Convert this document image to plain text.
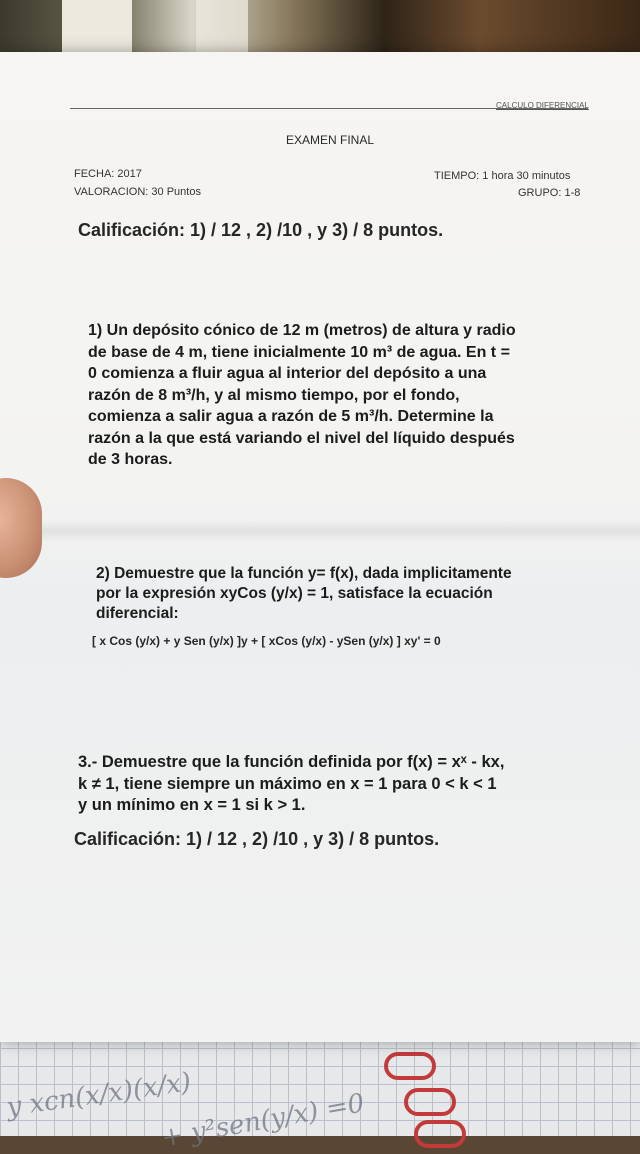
y xcn(x/x)(x/x)
+ y²sen(y/x) =0
CALCULO DIFERENCIAL
EXAMEN FINAL
FECHA: 2017
VALORACION: 30 Puntos
TIEMPO: 1 hora 30 minutos
GRUPO: 1-8
Calificación: 1) / 12 , 2) /10 , y 3) / 8 puntos.
1) Un depósito cónico de 12 m (metros) de altura y radio
de base de 4 m, tiene inicialmente 10 m³ de agua. En t =
0 comienza a fluir agua al interior del depósito a una
razón de 8 m³/h, y al mismo tiempo, por el fondo,
comienza a salir agua a razón de 5 m³/h. Determine la
razón a la que está variando el nivel del líquido después
de 3 horas.
2) Demuestre que la función y= f(x), dada implicitamente
por la expresión xyCos (y/x) = 1, satisface la ecuación
diferencial:
[ x Cos (y/x) + y Sen (y/x) ]y + [ xCos (y/x) - ySen (y/x) ] xy' = 0
3.- Demuestre que la función definida por f(x) = xˣ - kx,
k ≠ 1, tiene siempre un máximo en x = 1 para 0 < k < 1
y un mínimo en x = 1 si k > 1.
Calificación: 1) / 12 , 2) /10 , y 3) / 8 puntos.
